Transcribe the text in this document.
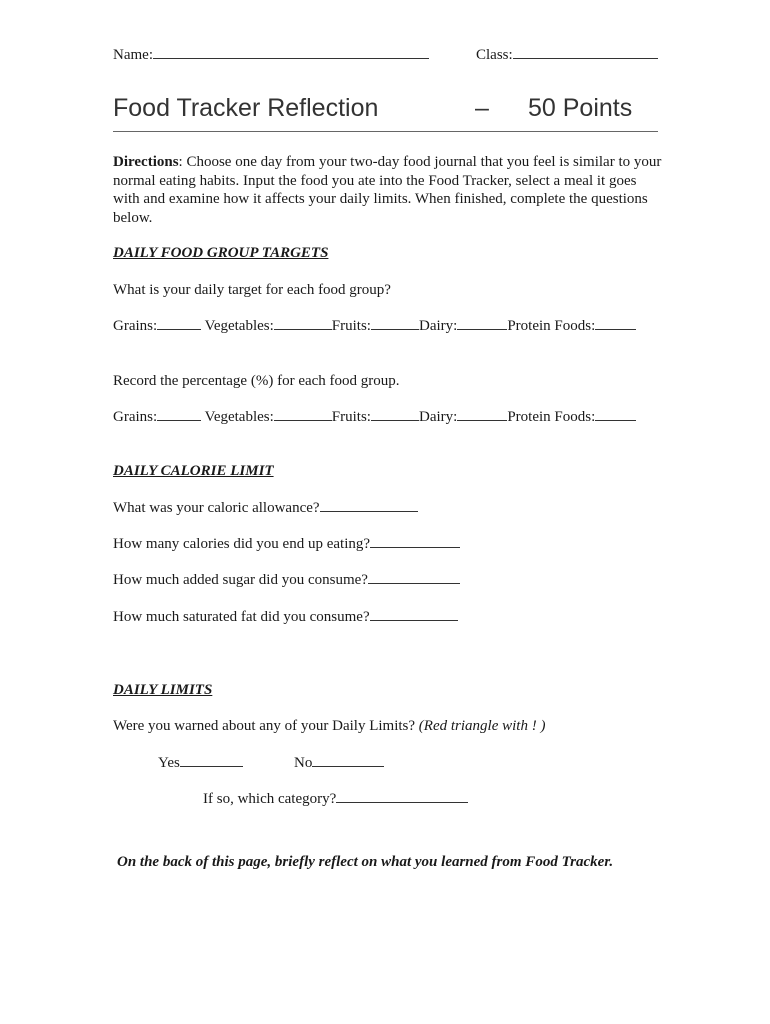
Name:	Class:
Food Tracker Reflection	– 50 Points
Directions: Choose one day from your two-day food journal that you feel is similar to your normal eating habits. Input the food you ate into the Food Tracker, select a meal it goes with and examine how it affects your daily limits. When finished, complete the questions below.
DAILY FOOD GROUP TARGETS
What is your daily target for each food group?
Grains:	Vegetables:	Fruits:	Dairy:	Protein Foods:
Record the percentage (%) for each food group.
Grains:	Vegetables:	Fruits:	Dairy:	Protein Foods:
DAILY CALORIE LIMIT
What was your caloric allowance?
How many calories did you end up eating?
How much added sugar did you consume?
How much saturated fat did you consume?
DAILY LIMITS
Were you warned about any of your Daily Limits? (Red triangle with ! )
Yes	No
If so, which category?
On the back of this page, briefly reflect on what you learned from Food Tracker.
